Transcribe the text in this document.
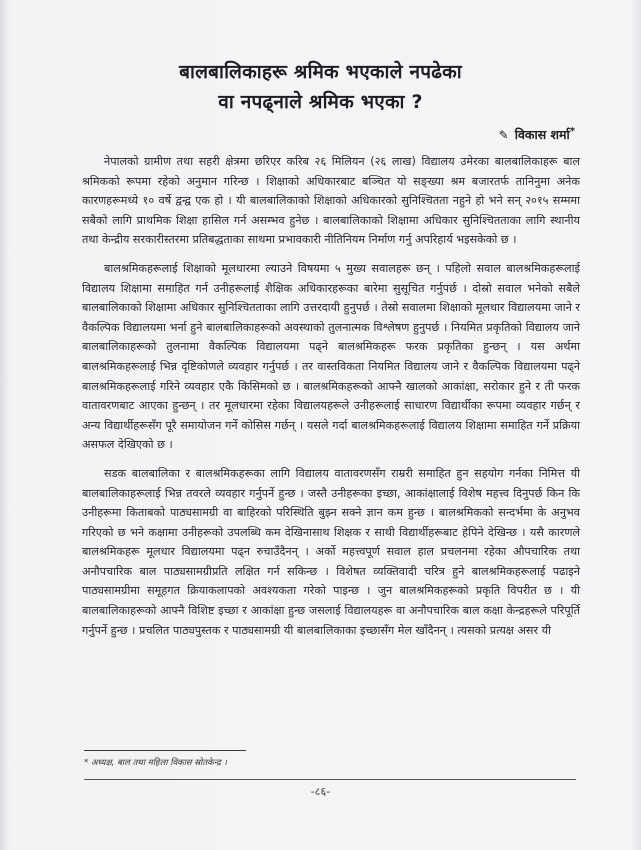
बालबालिकाहरू श्रमिक भएकाले नपढेका
वा नपढ्नाले श्रमिक भएका ?
✎ विकास शर्मा*

नेपालको ग्रामीण तथा सहरी क्षेत्रमा छरिएर करिब २६ मिलियन (२६ लाख) विद्यालय उमेरका बालबालिकाहरू बाल श्रमिकको रूपमा रहेको अनुमान गरिन्छ । शिक्षाको अधिकारबाट बञ्चित यो सङ्ख्या श्रम बजारतर्फ तानिनुमा अनेक कारणहरूमध्ये १० वर्षे द्वन्द्व एक हो । यी बालबालिकाको शिक्षाको अधिकारको सुनिश्चितता नहुने हो भने सन् २०१५ सम्ममा सबैको लागि प्राथमिक शिक्षा हासिल गर्न असम्भव हुनेछ । बालबालिकाको शिक्षामा अधिकार सुनिश्चितताका लागि स्थानीय तथा केन्द्रीय सरकारीस्तरमा प्रतिबद्धताका साथमा प्रभावकारी नीतिनियम निर्माण गर्नु अपरिहार्य भइसकेको छ ।

बालश्रमिकहरूलाई शिक्षाको मूलधारमा ल्याउने विषयमा ५ मुख्य सवालहरू छन् । पहिलो सवाल बालश्रमिकहरूलाई विद्यालय शिक्षामा समाहित गर्न उनीहरूलाई शैक्षिक अधिकारहरूका बारेमा सुसूचित गर्नुपर्छ । दोस्रो सवाल भनेको सबैले बालबालिकाको शिक्षामा अधिकार सुनिश्चितताका लागि उत्तरदायी हुनुपर्छ । तेस्रो सवालमा शिक्षाको मूलधार विद्यालयमा जाने र वैकल्पिक विद्यालयमा भर्ना हुने बालबालिकाहरूको अवस्थाको तुलनात्मक विश्लेषण हुनुपर्छ । नियमित प्रकृतिको विद्यालय जाने बालबालिकाहरूको तुलनामा वैकल्पिक विद्यालयमा पढ्ने बालश्रमिकहरू फरक प्रकृतिका हुन्छन् । यस अर्थमा बालश्रमिकहरूलाई भिन्न दृष्टिकोणले व्यवहार गर्नुपर्छ । तर वास्तविकता नियमित विद्यालय जाने र वैकल्पिक विद्यालयमा पढ्ने बालश्रमिकहरूलाई गरिने व्यवहार एकै किसिमको छ । बालश्रमिकहरूको आफ्नै खालको आकांक्षा, सरोकार हुने र ती फरक वातावरणबाट आएका हुन्छन् । तर मूलधारमा रहेका विद्यालयहरूले उनीहरूलाई साधारण विद्यार्थीका रूपमा व्यवहार गर्छन् र अन्य विद्यार्थीहरूसँग पूरै समायोजन गर्ने कोसिस गर्छन् । यसले गर्दा बालश्रमिकहरूलाई विद्यालय शिक्षामा समाहित गर्ने प्रक्रिया असफल देखिएको छ ।

सडक बालबालिका र बालश्रमिकहरूका लागि विद्यालय वातावरणसँग राम्ररी समाहित हुन सहयोग गर्नका निमित्त यी बालबालिकाहरूलाई भिन्न तवरले व्यवहार गर्नुपर्ने हुन्छ । जस्तै उनीहरूका इच्छा, आकांक्षालाई विशेष महत्त्व दिनुपर्छ किन कि उनीहरूमा किताबको पाठ्यसामग्री वा बाहिरको परिस्थिति बुझ्न सक्ने ज्ञान कम हुन्छ । बालश्रमिकको सन्दर्भमा के अनुभव गरिएको छ भने कक्षामा उनीहरूको उपलब्धि कम देखिनासाथ शिक्षक र साथी विद्यार्थीहरूबाट हेपिने देखिन्छ । यसै कारणले बालश्रमिकहरू मूलधार विद्यालयमा पढ्न रुचाउँदैनन् । अर्को महत्त्वपूर्ण सवाल हाल प्रचलनमा रहेका औपचारिक तथा अनौपचारिक बाल पाठ्यसामग्रीप्रति लक्षित गर्न सकिन्छ । विशेषत व्यक्तिवादी चरित्र हुने बालश्रमिकहरूलाई पढाइने पाठ्यसामग्रीमा समूहगत क्रियाकलापको अवश्यकता गरेको पाइन्छ । जुन बालश्रमिकहरूको प्रकृति विपरीत छ । यी बालबालिकाहरूको आफ्नै विशिष्ट इच्छा र आकांक्षा हुन्छ जसलाई विद्यालयहरू वा अनौपचारिक बाल कक्षा केन्द्रहरूले परिपूर्ति गर्नुपर्ने हुन्छ । प्रचलित पाठ्यपुस्तक र पाठ्यसामग्री यी बालबालिकाका इच्छासँग मेल खाँदैनन् । त्यसको प्रत्यक्ष असर यी

* अध्यक्ष, बाल तथा महिला विकास स्रोतकेन्द्र ।
-८६-
